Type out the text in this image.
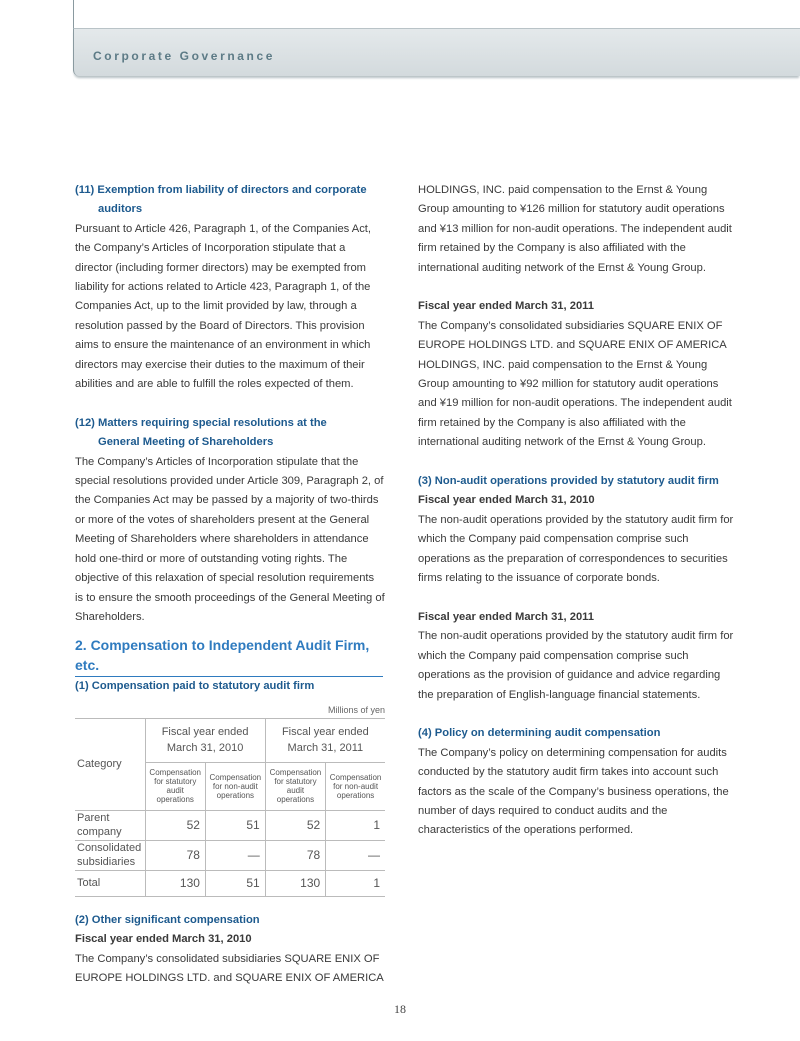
Corporate Governance
(11) Exemption from liability of directors and corporate
auditors

Pursuant to Article 426, Paragraph 1, of the Companies Act, the Company’s Articles of Incorporation stipulate that a director (including former directors) may be exempted from liability for actions related to Article 423, Paragraph 1, of the Companies Act, up to the limit provided by law, through a resolution passed by the Board of Directors. This provision aims to ensure the maintenance of an environment in which directors may exercise their duties to the maximum of their abilities and are able to fulfill the roles expected of them.

(12) Matters requiring special resolutions at the
General Meeting of Shareholders

The Company’s Articles of Incorporation stipulate that the special resolutions provided under Article 309, Paragraph 2, of the Companies Act may be passed by a majority of two-thirds or more of the votes of shareholders present at the General Meeting of Shareholders where shareholders in attendance hold one-third or more of outstanding voting rights. The objective of this relaxation of special resolution requirements is to ensure the smooth proceedings of the General Meeting of Shareholders.

2. Compensation to Independent Audit Firm, etc.
(1) Compensation paid to statutory audit firm
Millions of yen
Category	Fiscal year ended March 31, 2010		Fiscal year ended March 31, 2011	
	Compensation for statutory audit operations	Compensation for non-audit operations	Compensation for statutory audit operations	Compensation for non-audit operations
Parent company	52	51	52	1
Consolidated subsidiaries	78	—	78	—
Total	130	51	130	1
(2) Other significant compensation
Fiscal year ended March 31, 2010

The Company’s consolidated subsidiaries SQUARE ENIX OF EUROPE HOLDINGS LTD. and SQUARE ENIX OF AMERICA

HOLDINGS, INC. paid compensation to the Ernst & Young Group amounting to ¥126 million for statutory audit operations and ¥13 million for non-audit operations. The independent audit firm retained by the Company is also affiliated with the international auditing network of the Ernst & Young Group.

Fiscal year ended March 31, 2011

The Company’s consolidated subsidiaries SQUARE ENIX OF EUROPE HOLDINGS LTD. and SQUARE ENIX OF AMERICA HOLDINGS, INC. paid compensation to the Ernst & Young Group amounting to ¥92 million for statutory audit operations and ¥19 million for non-audit operations. The independent audit firm retained by the Company is also affiliated with the international auditing network of the Ernst & Young Group.

(3) Non-audit operations provided by statutory audit firm
Fiscal year ended March 31, 2010

The non-audit operations provided by the statutory audit firm for which the Company paid compensation comprise such operations as the preparation of correspondences to securities firms relating to the issuance of corporate bonds.

Fiscal year ended March 31, 2011

The non-audit operations provided by the statutory audit firm for which the Company paid compensation comprise such operations as the provision of guidance and advice regarding the preparation of English-language financial statements.

(4) Policy on determining audit compensation

The Company’s policy on determining compensation for audits conducted by the statutory audit firm takes into account such factors as the scale of the Company’s business operations, the number of days required to conduct audits and the characteristics of the operations performed.

18
